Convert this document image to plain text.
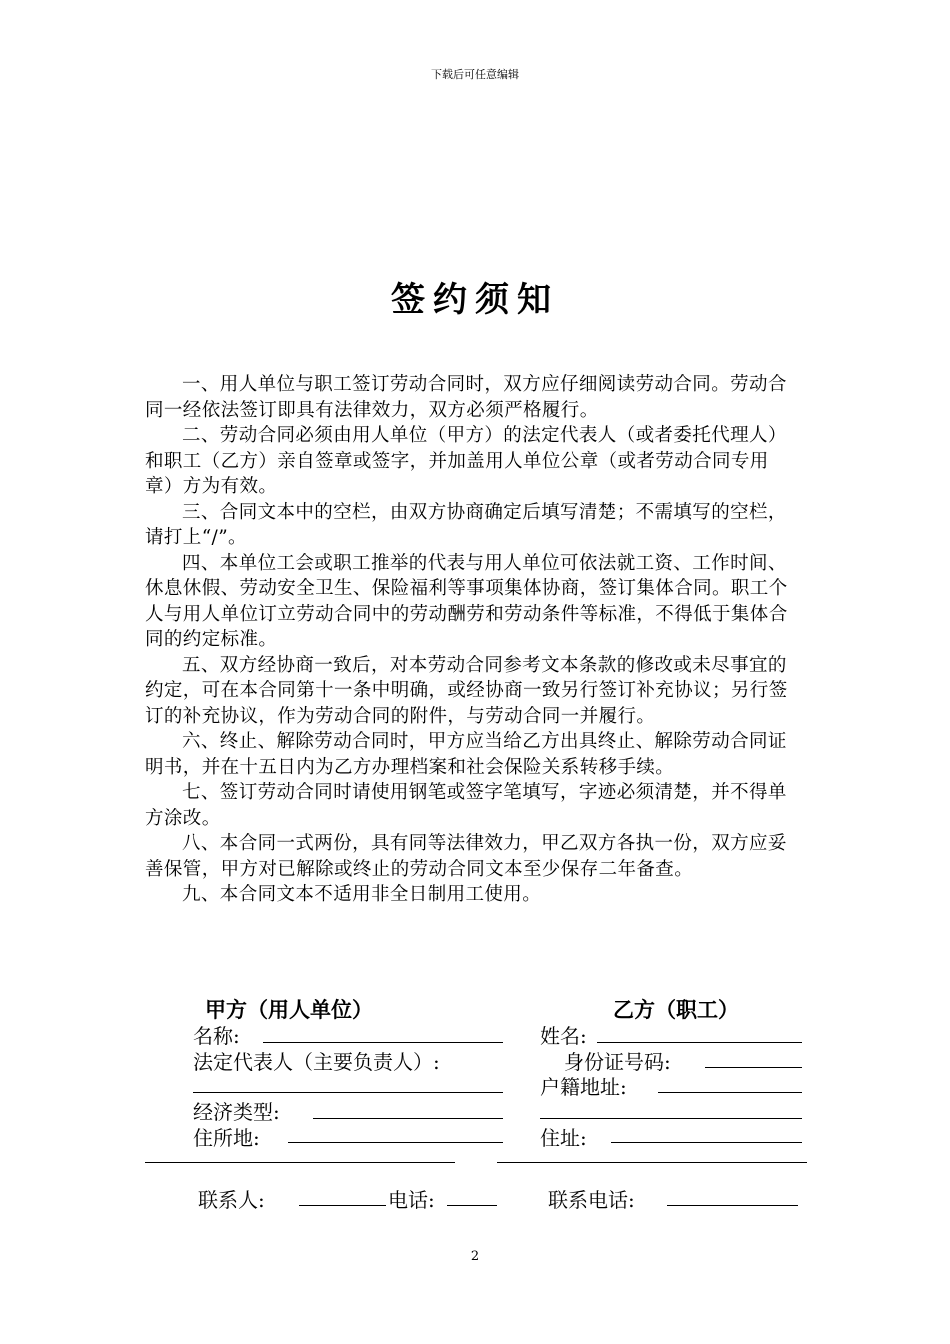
下载后可任意编辑
签约须知

一、用人单位与职工签订劳动合同时，双方应仔细阅读劳动合同。劳动合同一经依法签订即具有法律效力，双方必须严格履行。

二、劳动合同必须由用人单位（甲方）的法定代表人（或者委托代理人）和职工（乙方）亲自签章或签字，并加盖用人单位公章（或者劳动合同专用章）方为有效。

三、合同文本中的空栏，由双方协商确定后填写清楚；不需填写的空栏，请打上“/”。

四、本单位工会或职工推举的代表与用人单位可依法就工资、工作时间、休息休假、劳动安全卫生、保险福利等事项集体协商，签订集体合同。职工个人与用人单位订立劳动合同中的劳动酬劳和劳动条件等标准，不得低于集体合同的约定标准。

五、双方经协商一致后，对本劳动合同参考文本条款的修改或未尽事宜的约定，可在本合同第十一条中明确，或经协商一致另行签订补充协议；另行签订的补充协议，作为劳动合同的附件，与劳动合同一并履行。

六、终止、解除劳动合同时，甲方应当给乙方出具终止、解除劳动合同证明书，并在十五日内为乙方办理档案和社会保险关系转移手续。

七、签订劳动合同时请使用钢笔或签字笔填写，字迹必须清楚，并不得单方涂改。

八、本合同一式两份，具有同等法律效力，甲乙双方各执一份，双方应妥善保管，甲方对已解除或终止的劳动合同文本至少保存二年备查。

九、本合同文本不适用非全日制用工使用。

甲方（用人单位）
名称:
法定代表人（主要负责人）:
经济类型:
住所地:
联系人:	电话:
乙方（职工）
姓名:
身份证号码:
户籍地址:
住址:
联系电话:
2
